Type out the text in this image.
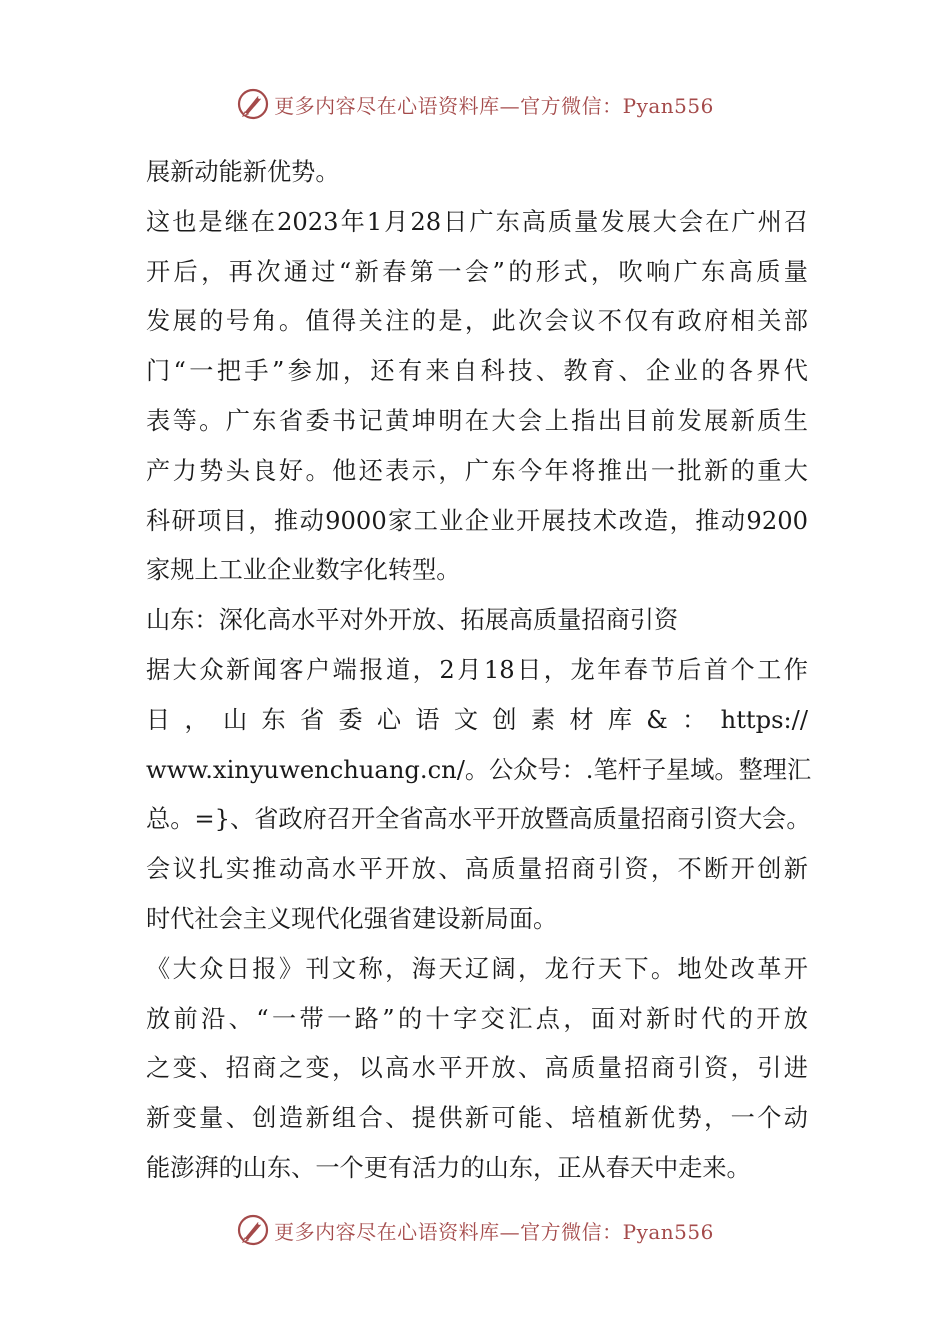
更多内容尽在心语资料库—官方微信：Pyan556
展新动能新优势。
这也是继在2023年1月28日广东高质量发展大会在广州召
开后，再次通过“新春第一会”的形式，吹响广东高质量
发展的号角。值得关注的是，此次会议不仅有政府相关部
门“一把手”参加，还有来自科技、教育、企业的各界代
表等。广东省委书记黄坤明在大会上指出目前发展新质生
产力势头良好。他还表示，广东今年将推出一批新的重大
科研项目，推动9000家工业企业开展技术改造，推动9200
家规上工业企业数字化转型。
山东：深化高水平对外开放、拓展高质量招商引资
据大众新闻客户端报道，2月18日，龙年春节后首个工作
日，山东省委心语文创素材库&：https://
www.xinyuwenchuang.cn/。公众号：.笔杆子星域。整理汇
总。=}、省政府召开全省高水平开放暨高质量招商引资大会。
会议扎实推动高水平开放、高质量招商引资，不断开创新
时代社会主义现代化强省建设新局面。
《大众日报》刊文称，海天辽阔，龙行天下。地处改革开
放前沿、“一带一路”的十字交汇点，面对新时代的开放
之变、招商之变，以高水平开放、高质量招商引资，引进
新变量、创造新组合、提供新可能、培植新优势，一个动
能澎湃的山东、一个更有活力的山东，正从春天中走来。
更多内容尽在心语资料库—官方微信：Pyan556
